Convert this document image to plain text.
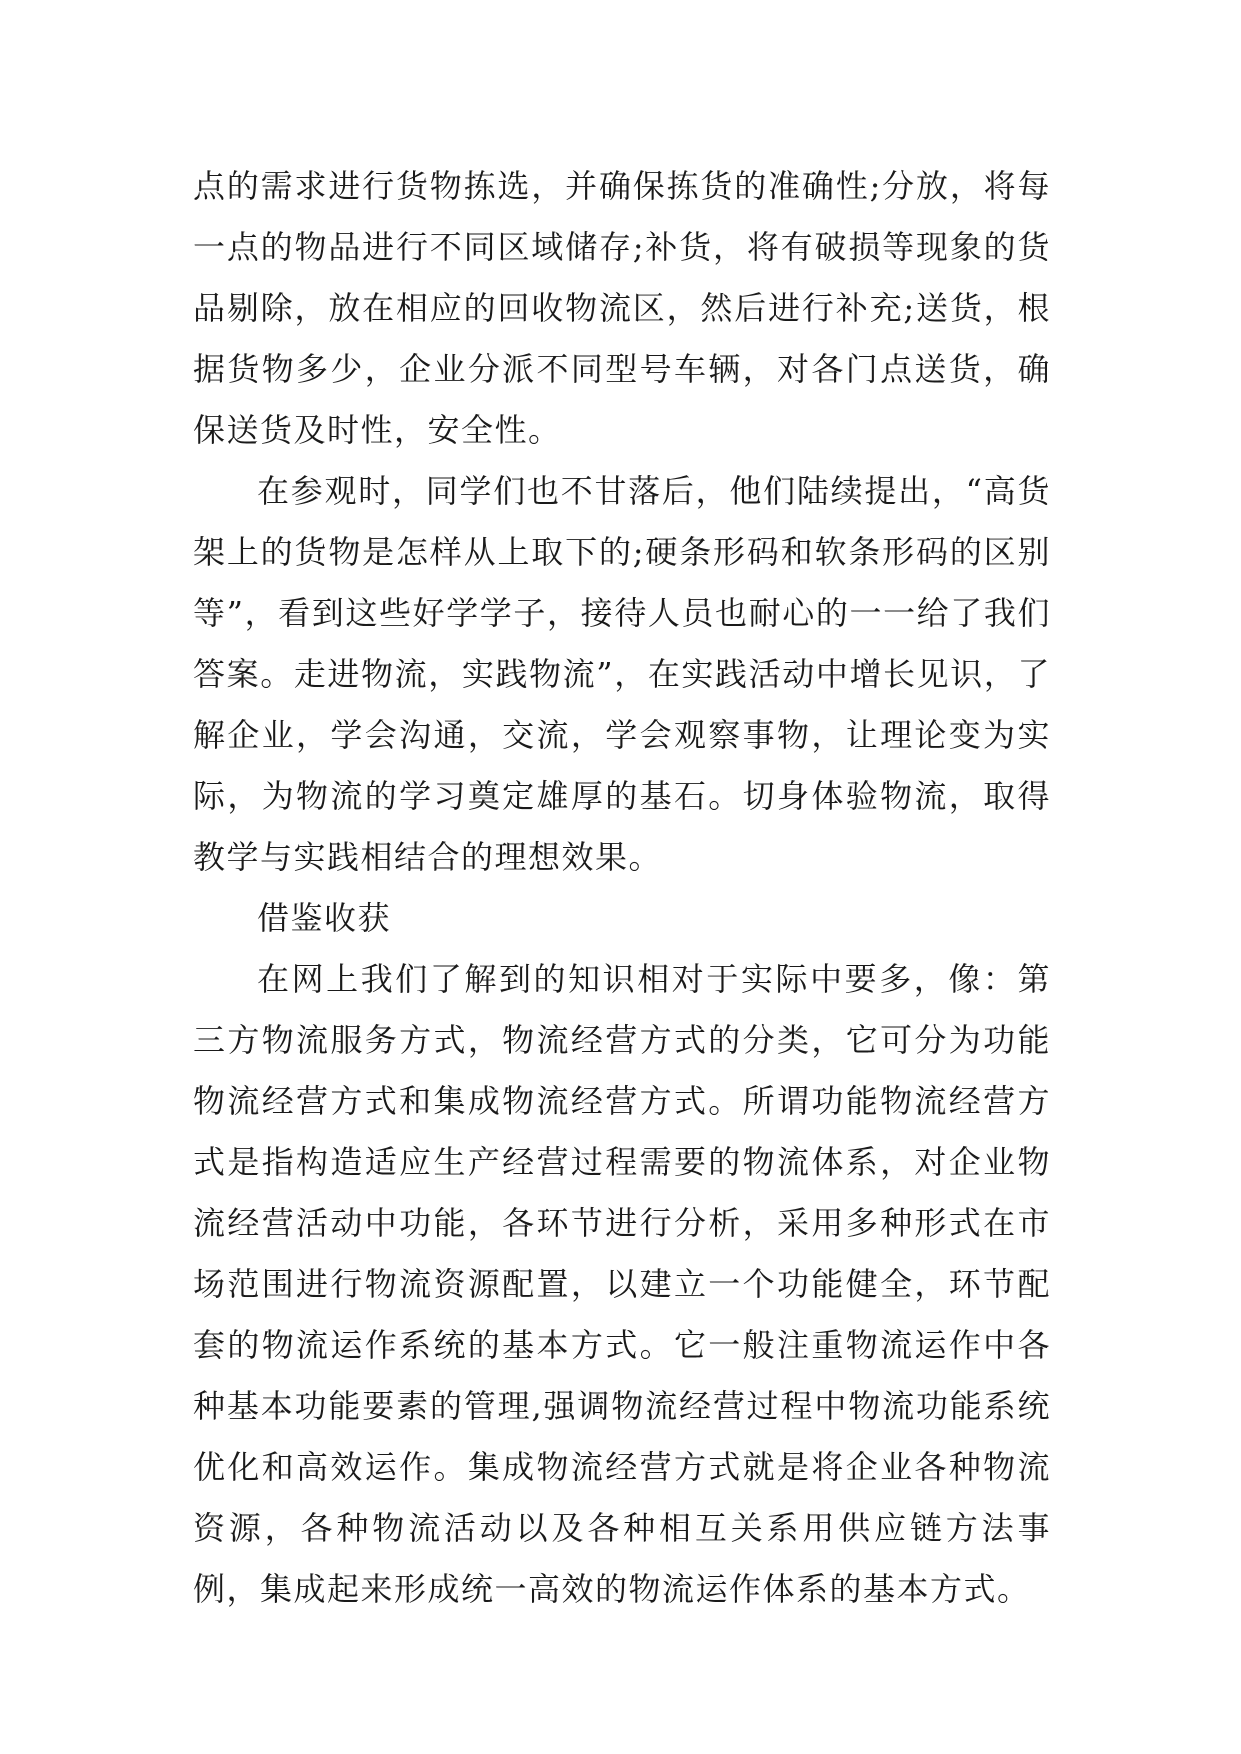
点的需求进行货物拣选，并确保拣货的准确性;分放，将每一点的物品进行不同区域储存;补货，将有破损等现象的货品剔除，放在相应的回收物流区，然后进行补充;送货，根据货物多少，企业分派不同型号车辆，对各门点送货，确保送货及时性，安全性。

在参观时，同学们也不甘落后，他们陆续提出，“高货架上的货物是怎样从上取下的;硬条形码和软条形码的区别等”，看到这些好学学子，接待人员也耐心的一一给了我们答案。走进物流，实践物流”，在实践活动中增长见识，了解企业，学会沟通，交流，学会观察事物，让理论变为实际，为物流的学习奠定雄厚的基石。切身体验物流，取得教学与实践相结合的理想效果。

借鉴收获

在网上我们了解到的知识相对于实际中要多，像：第三方物流服务方式，物流经营方式的分类，它可分为功能物流经营方式和集成物流经营方式。所谓功能物流经营方式是指构造适应生产经营过程需要的物流体系，对企业物流经营活动中功能，各环节进行分析，采用多种形式在市场范围进行物流资源配置，以建立一个功能健全，环节配套的物流运作系统的基本方式。它一般注重物流运作中各种基本功能要素的管理,强调物流经营过程中物流功能系统优化和高效运作。集成物流经营方式就是将企业各种物流资源，各种物流活动以及各种相互关系用供应链方法事例，集成起来形成统一高效的物流运作体系的基本方式。
